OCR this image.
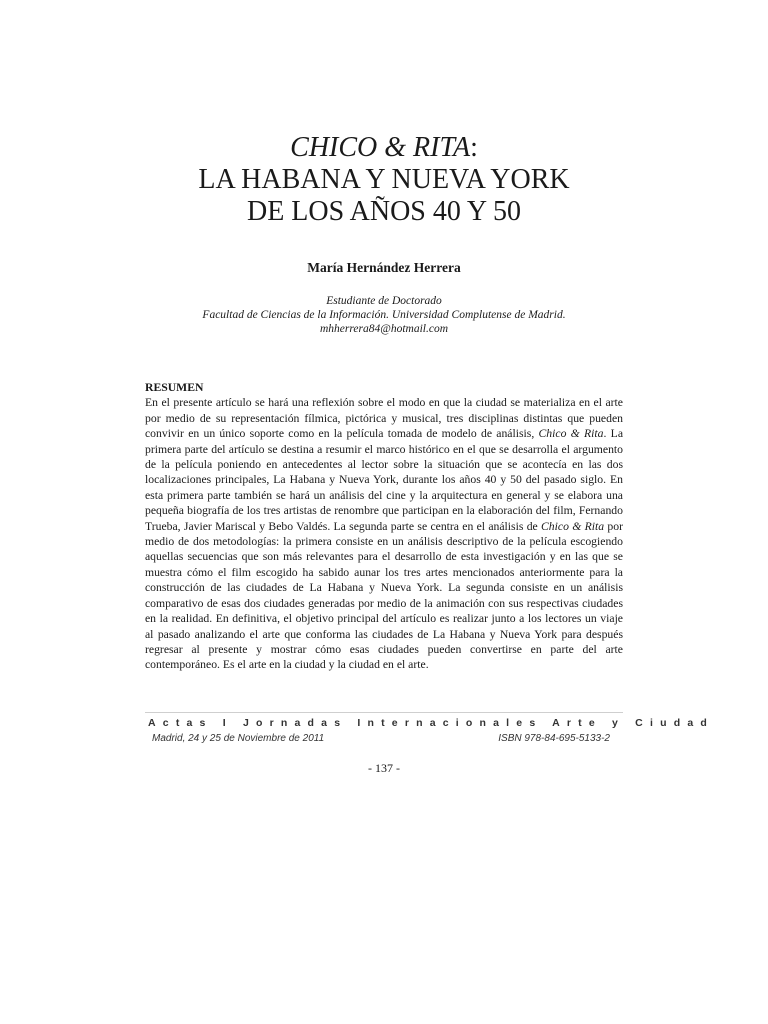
CHICO & RITA:
LA HABANA Y NUEVA YORK
DE LOS AÑOS 40 Y 50
María Hernández Herrera
Estudiante de Doctorado
Facultad de Ciencias de la Información. Universidad Complutense de Madrid.
mhherrera84@hotmail.com
RESUMEN
En el presente artículo se hará una reflexión sobre el modo en que la ciudad se materializa en el arte por medio de su representación fílmica, pictórica y musical, tres disciplinas distintas que pueden convivir en un único soporte como en la película tomada de modelo de análisis, Chico & Rita. La primera parte del artículo se destina a resumir el marco histórico en el que se desarrolla el argumento de la película poniendo en antecedentes al lector sobre la situación que se acontecía en las dos localizaciones principales, La Habana y Nueva York, durante los años 40 y 50 del pasado siglo. En esta primera parte también se hará un análisis del cine y la arquitectura en general y se elabora una pequeña biografía de los tres artistas de renombre que participan en la elaboración del film, Fernando Trueba, Javier Mariscal y Bebo Valdés. La segunda parte se centra en el análisis de Chico & Rita por medio de dos metodologías: la primera consiste en un análisis descriptivo de la película escogiendo aquellas secuencias que son más relevantes para el desarrollo de esta investigación y en las que se muestra cómo el film escogido ha sabido aunar los tres artes mencionados anteriormente para la construcción de las ciudades de La Habana y Nueva York. La segunda consiste en un análisis comparativo de esas dos ciudades generadas por medio de la animación con sus respectivas ciudades en la realidad. En definitiva, el objetivo principal del artículo es realizar junto a los lectores un viaje al pasado analizando el arte que conforma las ciudades de La Habana y Nueva York para después regresar al presente y mostrar cómo esas ciudades pueden convertirse en parte del arte contemporáneo. Es el arte en la ciudad y la ciudad en el arte.
Actas I Jornadas Internacionales Arte y Ciudad
Madrid, 24 y 25 de Noviembre de 2011	ISBN 978-84-695-5133-2
- 137 -
